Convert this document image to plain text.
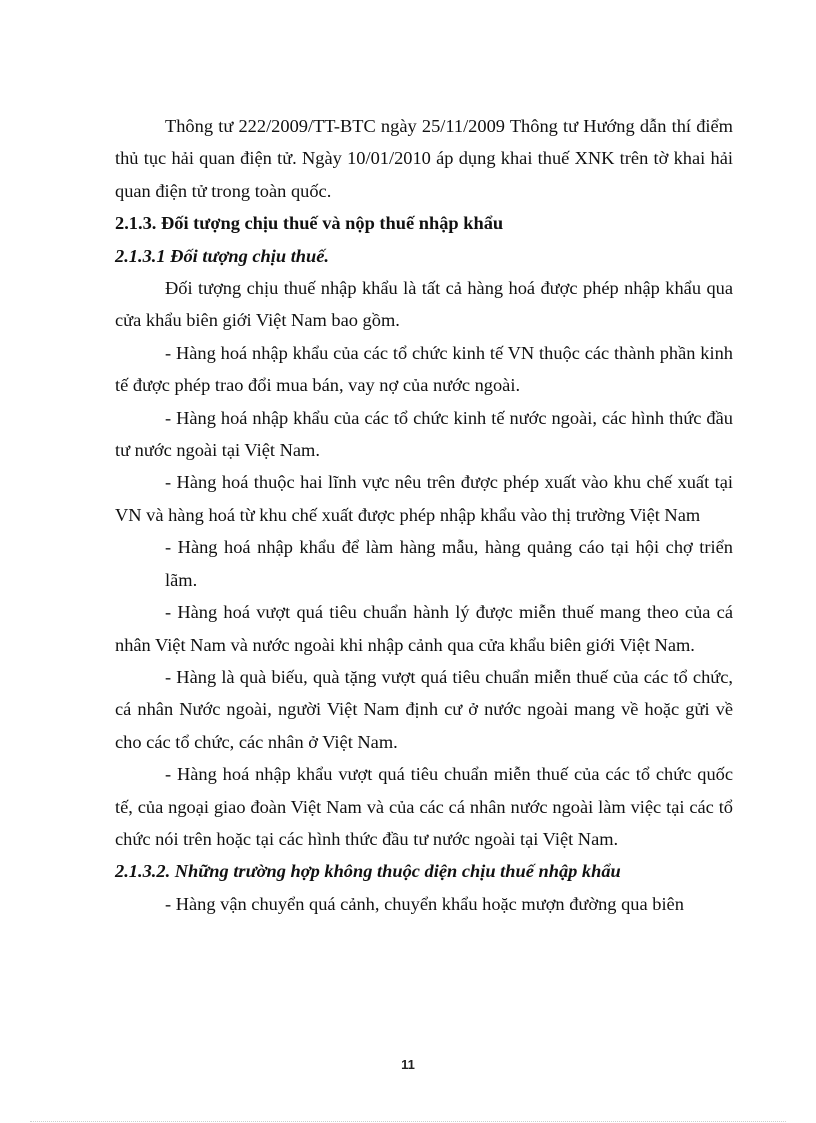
Thông tư 222/2009/TT-BTC ngày 25/11/2009 Thông tư Hướng dẫn thí điểm thủ tục hải quan điện tử. Ngày 10/01/2010 áp dụng khai thuế XNK trên tờ khai hải quan điện tử trong toàn quốc.

2.1.3. Đối tượng chịu thuế và nộp thuế nhập khẩu

2.1.3.1 Đối tượng chịu thuế.

Đối tượng chịu thuế nhập khẩu là tất cả hàng hoá được phép nhập khẩu qua cửa khẩu biên giới Việt Nam bao gồm.

- Hàng hoá nhập khẩu của các tổ chức kinh tế VN thuộc các thành phần kinh tế được phép trao đổi mua bán, vay nợ của nước ngoài.

- Hàng hoá nhập khẩu của các tổ chức kinh tế nước ngoài, các hình thức đầu tư nước ngoài tại Việt Nam.

- Hàng hoá thuộc hai lĩnh vực nêu trên được phép xuất vào khu chế xuất tại VN và hàng hoá từ khu chế xuất được phép nhập khẩu vào thị trường Việt Nam

- Hàng hoá nhập khẩu để làm hàng mẫu, hàng quảng cáo tại hội chợ triển lãm.

- Hàng hoá vượt quá tiêu chuẩn hành lý được miễn thuế mang theo của cá nhân Việt Nam và nước ngoài khi nhập cảnh qua cửa khẩu biên giới Việt Nam.

- Hàng là quà biếu, quà tặng vượt quá tiêu chuẩn miễn thuế của các tổ chức, cá nhân Nước ngoài, người Việt Nam định cư ở nước ngoài mang về hoặc gửi về cho các tổ chức, các nhân ở Việt Nam.

- Hàng hoá nhập khẩu vượt quá tiêu chuẩn miễn thuế của các tổ chức quốc tế, của ngoại giao đoàn Việt Nam và của các cá nhân nước ngoài làm việc tại các tổ chức nói trên hoặc tại các hình thức đầu tư nước ngoài tại Việt Nam.

2.1.3.2. Những trường hợp không thuộc diện chịu thuế nhập khẩu

- Hàng vận chuyển quá cảnh, chuyển khẩu hoặc mượn đường qua biên

11
